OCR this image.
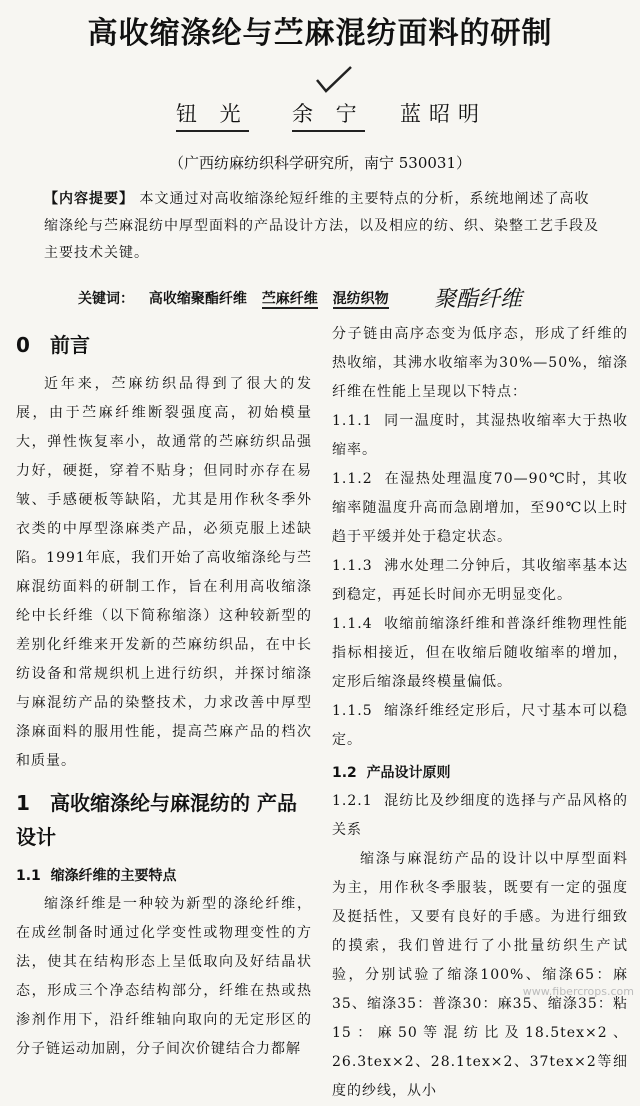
高收缩涤纶与苎麻混纺面料的研制
钮 光 余 宁 蓝昭明
（广西纺麻纺织科学研究所，南宁 530031）
【内容提要】 本文通过对高收缩涤纶短纤维的主要特点的分析，系统地阐述了高收缩涤纶与苎麻混纺中厚型面料的产品设计方法，以及相应的纺、织、染整工艺手段及主要技术关键。
关键词： 高收缩聚酯纤维 苎麻纤维 混纺织物	聚酯纤维
0 前言

近年来，苎麻纺织品得到了很大的发展，由于苎麻纤维断裂强度高，初始模量大，弹性恢复率小，故通常的苎麻纺织品强力好，硬挺，穿着不贴身；但同时亦存在易皱、手感硬板等缺陷，尤其是用作秋冬季外衣类的中厚型涤麻类产品，必须克服上述缺陷。1991年底，我们开始了高收缩涤纶与苎麻混纺面料的研制工作，旨在利用高收缩涤纶中长纤维（以下简称缩涤）这种较新型的差别化纤维来开发新的苎麻纺织品，在中长纺设备和常规织机上进行纺织，并探讨缩涤与麻混纺产品的染整技术，力求改善中厚型涤麻面料的服用性能，提高苎麻产品的档次和质量。

1 高收缩涤纶与麻混纺的 产品设计
1.1 缩涤纤维的主要特点

缩涤纤维是一种较为新型的涤纶纤维，在成丝制备时通过化学变性或物理变性的方法，使其在结构形态上呈低取向及好结晶状态，形成三个净态结构部分，纤维在热或热渗剂作用下，沿纤维轴向取向的无定形区的分子链运动加剧，分子间次价键结合力都解

分子链由高序态变为低序态，形成了纤维的热收缩，其沸水收缩率为30%—50%，缩涤纤维在性能上呈现以下特点：

1.1.1 同一温度时，其湿热收缩率大于热收缩率。

1.1.2 在湿热处理温度70—90℃时，其收缩率随温度升高而急剧增加，至90℃以上时趋于平缓并处于稳定状态。

1.1.3 沸水处理二分钟后，其收缩率基本达到稳定，再延长时间亦无明显变化。

1.1.4 收缩前缩涤纤维和普涤纤维物理性能指标相接近，但在收缩后随收缩率的增加，定形后缩涤最终模量偏低。

1.1.5 缩涤纤维经定形后，尺寸基本可以稳定。

1.2 产品设计原则

1.2.1 混纺比及纱细度的选择与产品风格的关系

缩涤与麻混纺产品的设计以中厚型面料为主，用作秋冬季服装，既要有一定的强度及挺括性，又要有良好的手感。为进行细致的摸索，我们曾进行了小批量纺织生产试验，分别试验了缩涤100%、缩涤65：麻35、缩涤35：普涤30：麻35、缩涤35：粘15：麻50等混纺比及18.5tex×2、26.3tex×2、28.1tex×2、37tex×2等细度的纱线，从小

www.fibercrops.com
